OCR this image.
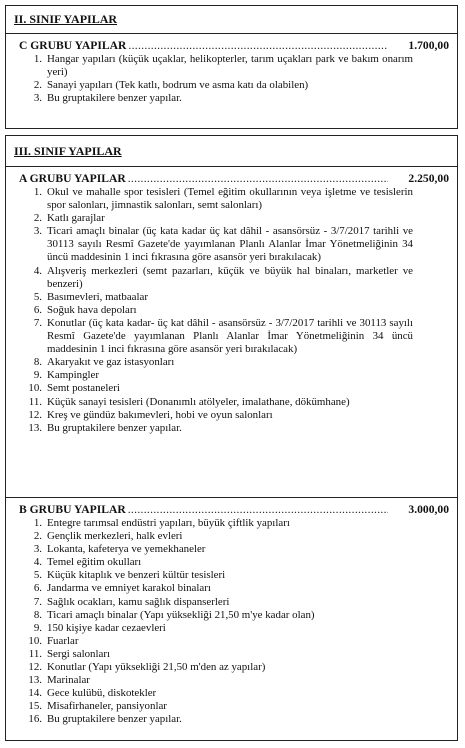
II. SINIF YAPILAR
C GRUBU YAPILAR .....	1.700,00
1. Hangar yapıları (küçük uçaklar, helikopterler, tarım uçakları park ve bakım onarım yeri)
2. Sanayi yapıları (Tek katlı, bodrum ve asma katı da olabilen)
3. Bu gruptakilere benzer yapılar.
III. SINIF YAPILAR
A GRUBU YAPILAR .....	2.250,00
1. Okul ve mahalle spor tesisleri (Temel eğitim okullarının veya işletme ve tesislerin spor salonları, jimnastik salonları, semt salonları)
2. Katlı garajlar
3. Ticari amaçlı binalar (üç kata kadar üç kat dâhil - asansörsüz - 3/7/2017 tarihli ve 30113 sayılı Resmî Gazete'de yayımlanan Planlı Alanlar İmar Yönetmeliğinin 34 üncü maddesinin 1 inci fıkrasına göre asansör yeri bırakılacak)
4. Alışveriş merkezleri (semt pazarları, küçük ve büyük hal binaları, marketler ve benzeri)
5. Basımevleri, matbaalar
6. Soğuk hava depoları
7. Konutlar (üç kata kadar- üç kat dâhil - asansörsüz - 3/7/2017 tarihli ve 30113 sayılı Resmî Gazete'de yayımlanan Planlı Alanlar İmar Yönetmeliğinin 34 üncü maddesinin 1 inci fıkrasına göre asansör yeri bırakılacak)
8. Akaryakıt ve gaz istasyonları
9. Kampingler
10. Semt postaneleri
11. Küçük sanayi tesisleri (Donanımlı atölyeler, imalathane, dökümhane)
12. Kreş ve gündüz bakımevleri, hobi ve oyun salonları
13. Bu gruptakilere benzer yapılar.
B GRUBU YAPILAR .....	3.000,00
1. Entegre tarımsal endüstri yapıları, büyük çiftlik yapıları
2. Gençlik merkezleri, halk evleri
3. Lokanta, kafeterya ve yemekhaneler
4. Temel eğitim okulları
5. Küçük kitaplık ve benzeri kültür tesisleri
6. Jandarma ve emniyet karakol binaları
7. Sağlık ocakları, kamu sağlık dispanserleri
8. Ticari amaçlı binalar (Yapı yüksekliği 21,50 m'ye kadar olan)
9. 150 kişiye kadar cezaevleri
10. Fuarlar
11. Sergi salonları
12. Konutlar (Yapı yüksekliği 21,50 m'den az yapılar)
13. Marinalar
14. Gece kulübü, diskotekler
15. Misafirhaneler, pansiyonlar
16. Bu gruptakilere benzer yapılar.
